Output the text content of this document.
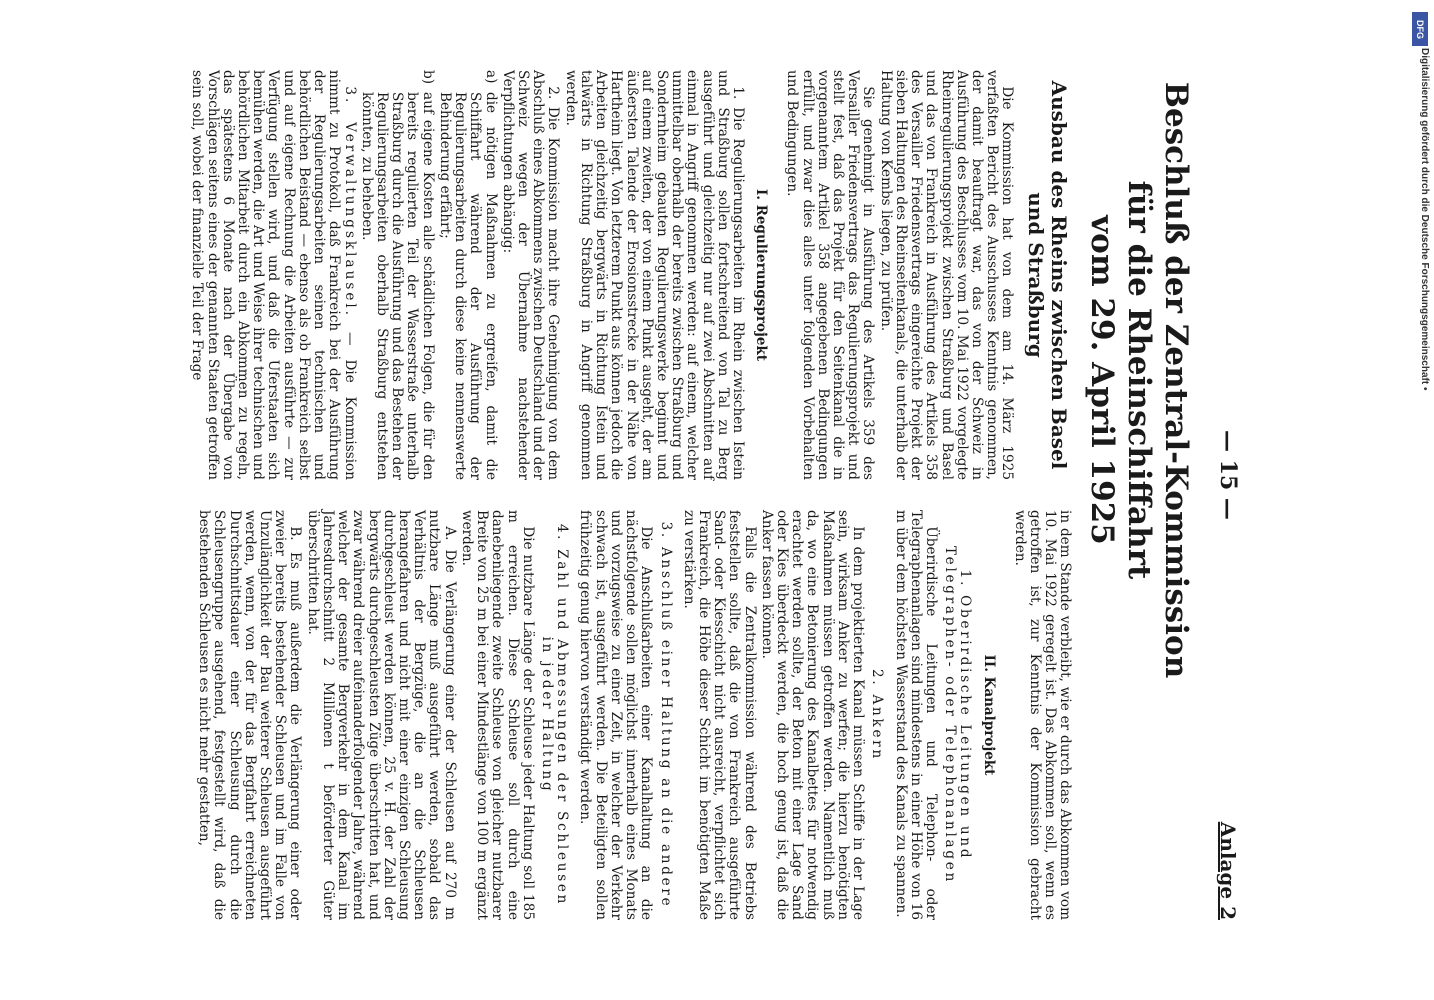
— 15 —
Anlage 2
Beschluß der Zentral-Kommission für die Rheinschiffahrt
vom 29. April 1925
Ausbau des Rheins zwischen Basel
und Straßburg

Die Kommission hat von dem am 14. März 1925 verfaßten Bericht des Ausschusses Kenntnis genommen, der damit beauftragt war, das von der Schweiz in Ausführung des Beschlusses vom 10. Mai 1922 vorgelegte Rheinregulierungsprojekt zwischen Straßburg und Basel und das von Frankreich in Ausführung des Artikels 358 des Versailler Friedensvertrags eingereichte Projekt der sieben Haltungen des Rheinseitenkanals, die unterhalb der Haltung von Kembs liegen, zu prüfen.

Sie genehmigt in Ausführung des Artikels 359 des Versailler Friedensvertrags das Regulierungsprojekt und stellt fest, daß das Projekt für den Seitenkanal die in vorgenanntem Artikel 358 angegebenen Bedingungen erfüllt, und zwar dies alles unter folgenden Vorbehalten und Bedingungen.

I. Regulierungsprojekt

1. Die Regulierungsarbeiten im Rhein zwischen Istein und Straßburg sollen fortschreitend von Tal zu Berg ausgeführt und gleichzeitig nur auf zwei Abschnitten auf einmal in Angriff genommen werden: auf einem, welcher unmittelbar oberhalb der bereits zwischen Straßburg und Sondernheim gebauten Regulierungswerke beginnt und auf einem zweiten, der von einem Punkt ausgeht, der am äußersten Talende der Erosionsstrecke in der Nähe von Hartheim liegt. Von letzterem Punkt aus können jedoch die Arbeiten gleichzeitig bergwärts in Richtung Istein und talwärts in Richtung Straßburg in Angriff genommen werden.

2. Die Kommission macht ihre Genehmigung von dem Abschluß eines Abkommens zwischen Deutschland und der Schweiz wegen der Übernahme nachstehender Verpflichtungen abhängig:

a)
die nötigen Maßnahmen zu ergreifen, damit die Schiffahrt während der Ausführung der Regulierungsarbeiten durch diese keine nennenswerte Behinderung erfährt;
b)
auf eigene Kosten alle schädlichen Folgen, die für den bereits regulierten Teil der Wasserstraße unterhalb Straßburg durch die Ausführung und das Bestehen der Regulierungsarbeiten oberhalb Straßburg entstehen könnten, zu beheben.

3. Verwaltungsklausel. — Die Kommission nimmt zu Protokoll, daß Frankreich bei der Ausführung der Regulierungsarbeiten seinen technischen und behördlichen Beistand — ebenso als ob Frankreich selbst und auf eigene Rechnung die Arbeiten ausführte — zur Verfügung stellen wird, und daß die Uferstaaten sich bemühen werden, die Art und Weise ihrer technischen und behördlichen Mitarbeit durch ein Abkommen zu regeln, das spätestens 6 Monate nach der Übergabe von Vorschlägen seitens eines der genannten Staaten getroffen sein soll, wobei der finanzielle Teil der Frage

in dem Stande verbleibt, wie er durch das Abkommen vom 10. Mai 1922 geregelt ist. Das Abkommen soll, wenn es getroffen ist, zur Kenntnis der Kommission gebracht werden.

II. Kanalprojekt
1. Oberirdische Leitungen und Telegraphen- oder Telephonanlagen

Überirdische Leitungen und Telephon- oder Telegraphenanlagen sind mindestens in einer Höhe von 16 m über dem höchsten Wasserstand des Kanals zu spannen.

2. Ankern

In dem projektierten Kanal müssen Schiffe in der Lage sein, wirksam Anker zu werfen; die hierzu benötigten Maßnahmen müssen getroffen werden. Namentlich muß da, wo eine Betonierung des Kanalbettes für notwendig erachtet werden sollte, der Beton mit einer Lage Sand oder Kies überdeckt werden, die hoch genug ist, daß die Anker fassen können.

Falls die Zentralkommission während des Betriebs feststellen sollte, daß die von Frankreich ausgeführte Sand- oder Kiesschicht nicht ausreicht, verpflichtet sich Frankreich, die Höhe dieser Schicht im benötigten Maße zu verstärken.

3. Anschluß einer Haltung an die andere

Die Anschlußarbeiten einer Kanalhaltung an die nächstfolgende sollen möglichst innerhalb eines Monats und vorzugsweise zu einer Zeit, in welcher der Verkehr schwach ist, ausgeführt werden. Die Beteiligten sollen frühzeitig genug hiervon verständigt werden.

4. Zahl und Abmessungen der Schleusen
in jeder Haltung

Die nutzbare Länge der Schleuse jeder Haltung soll 185 m erreichen. Diese Schleuse soll durch eine danebenliegende zweite Schleuse von gleicher nutzbarer Breite von 25 m bei einer Mindestlänge von 100 m ergänzt werden.

A. Die Verlängerung einer der Schleusen auf 270 m nutzbare Länge muß ausgeführt werden, sobald das Verhältnis der Bergzüge, die an die Schleusen herangefahren und nicht mit einer einzigen Schleusung durchgeschleust werden können, 25 v. H. der Zahl der bergwärts durchgeschleusten Züge überschritten hat, und zwar während dreier aufeinanderfolgender Jahre, während welcher der gesamte Bergverkehr in dem Kanal im Jahresdurchschnitt 2 Millionen t beförderter Güter überschritten hat.

B. Es muß außerdem die Verlängerung einer oder zweier bereits bestehender Schleusen und im Falle von Unzulänglichkeit der Bau weiterer Schleusen ausgeführt werden, wenn, von der für das Bergfahrt erreichneten Durchschnittsdauer einer Schleusung durch die Schleusengruppe ausgehend, festgestellt wird, daß die bestehenden Schleusen es nicht mehr gestatten,

DFG
Digitalisierung gefördert durch die Deutsche Forschungsgemeinschaft •
